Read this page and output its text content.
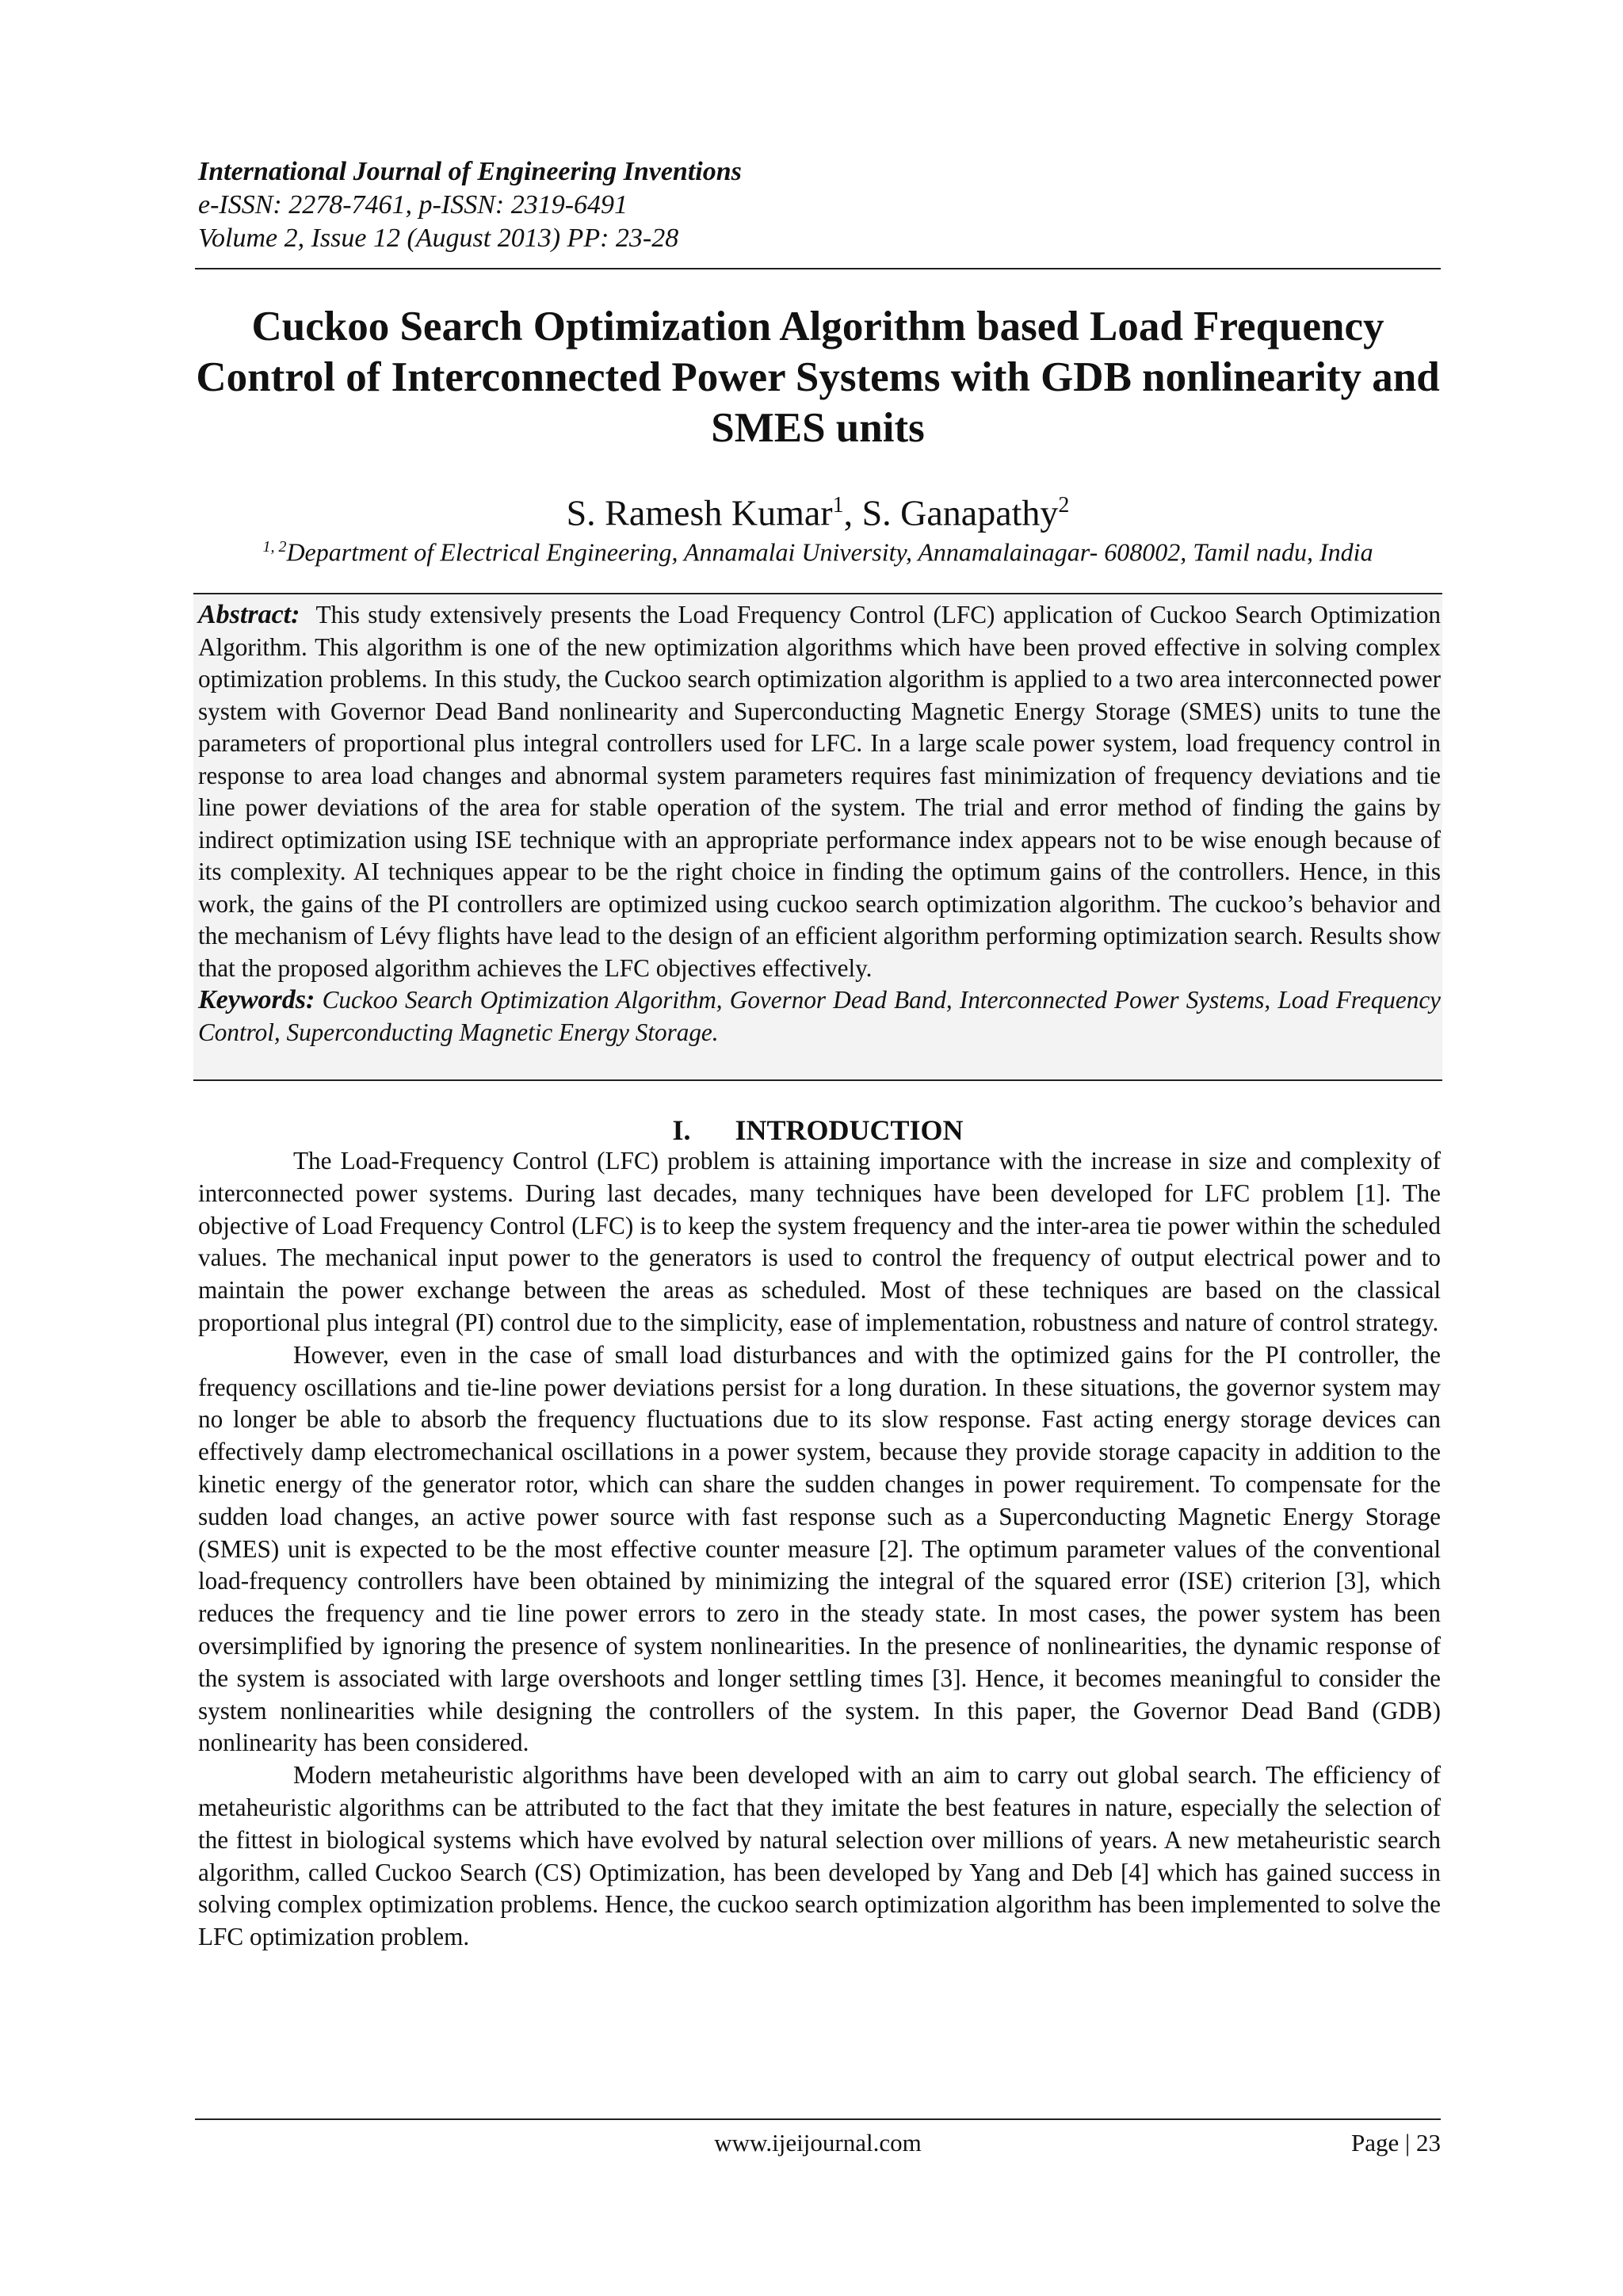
International Journal of Engineering Inventions
e-ISSN: 2278-7461, p-ISSN: 2319-6491
Volume 2, Issue 12 (August 2013) PP: 23-28
Cuckoo Search Optimization Algorithm based Load Frequency Control of Interconnected Power Systems with GDB nonlinearity and SMES units
S. Ramesh Kumar$^1$, S. Ganapathy$^2$
$^{1, 2}$Department of Electrical Engineering, Annamalai University, Annamalainagar- 608002, Tamil nadu, India

Abstract: This study extensively presents the Load Frequency Control (LFC) application of Cuckoo Search Optimization Algorithm. This algorithm is one of the new optimization algorithms which have been proved effective in solving complex optimization problems. In this study, the Cuckoo search optimization algorithm is applied to a two area interconnected power system with Governor Dead Band nonlinearity and Superconducting Magnetic Energy Storage (SMES) units to tune the parameters of proportional plus integral controllers used for LFC. In a large scale power system, load frequency control in response to area load changes and abnormal system parameters requires fast minimization of frequency deviations and tie line power deviations of the area for stable operation of the system. The trial and error method of finding the gains by indirect optimization using ISE technique with an appropriate performance index appears not to be wise enough because of its complexity. AI techniques appear to be the right choice in finding the optimum gains of the controllers. Hence, in this work, the gains of the PI controllers are optimized using cuckoo search optimization algorithm. The cuckoo’s behavior and the mechanism of Lévy flights have lead to the design of an efficient algorithm performing optimization search. Results show that the proposed algorithm achieves the LFC objectives effectively.
Keywords: Cuckoo Search Optimization Algorithm, Governor Dead Band, Interconnected Power Systems, Load Frequency Control, Superconducting Magnetic Energy Storage.

I. INTRODUCTION

The Load-Frequency Control (LFC) problem is attaining importance with the increase in size and complexity of interconnected power systems. During last decades, many techniques have been developed for LFC problem [1]. The objective of Load Frequency Control (LFC) is to keep the system frequency and the inter-area tie power within the scheduled values. The mechanical input power to the generators is used to control the frequency of output electrical power and to maintain the power exchange between the areas as scheduled. Most of these techniques are based on the classical proportional plus integral (PI) control due to the simplicity, ease of implementation, robustness and nature of control strategy.

However, even in the case of small load disturbances and with the optimized gains for the PI controller, the frequency oscillations and tie-line power deviations persist for a long duration. In these situations, the governor system may no longer be able to absorb the frequency fluctuations due to its slow response. Fast acting energy storage devices can effectively damp electromechanical oscillations in a power system, because they provide storage capacity in addition to the kinetic energy of the generator rotor, which can share the sudden changes in power requirement. To compensate for the sudden load changes, an active power source with fast response such as a Superconducting Magnetic Energy Storage (SMES) unit is expected to be the most effective counter measure [2]. The optimum parameter values of the conventional load-frequency controllers have been obtained by minimizing the integral of the squared error (ISE) criterion [3], which reduces the frequency and tie line power errors to zero in the steady state. In most cases, the power system has been oversimplified by ignoring the presence of system nonlinearities. In the presence of nonlinearities, the dynamic response of the system is associated with large overshoots and longer settling times [3]. Hence, it becomes meaningful to consider the system nonlinearities while designing the controllers of the system. In this paper, the Governor Dead Band (GDB) nonlinearity has been considered.

Modern metaheuristic algorithms have been developed with an aim to carry out global search. The efficiency of metaheuristic algorithms can be attributed to the fact that they imitate the best features in nature, especially the selection of the fittest in biological systems which have evolved by natural selection over millions of years. A new metaheuristic search algorithm, called Cuckoo Search (CS) Optimization, has been developed by Yang and Deb [4] which has gained success in solving complex optimization problems. Hence, the cuckoo search optimization algorithm has been implemented to solve the LFC optimization problem.

www.ijeijournal.com	Page | 23
